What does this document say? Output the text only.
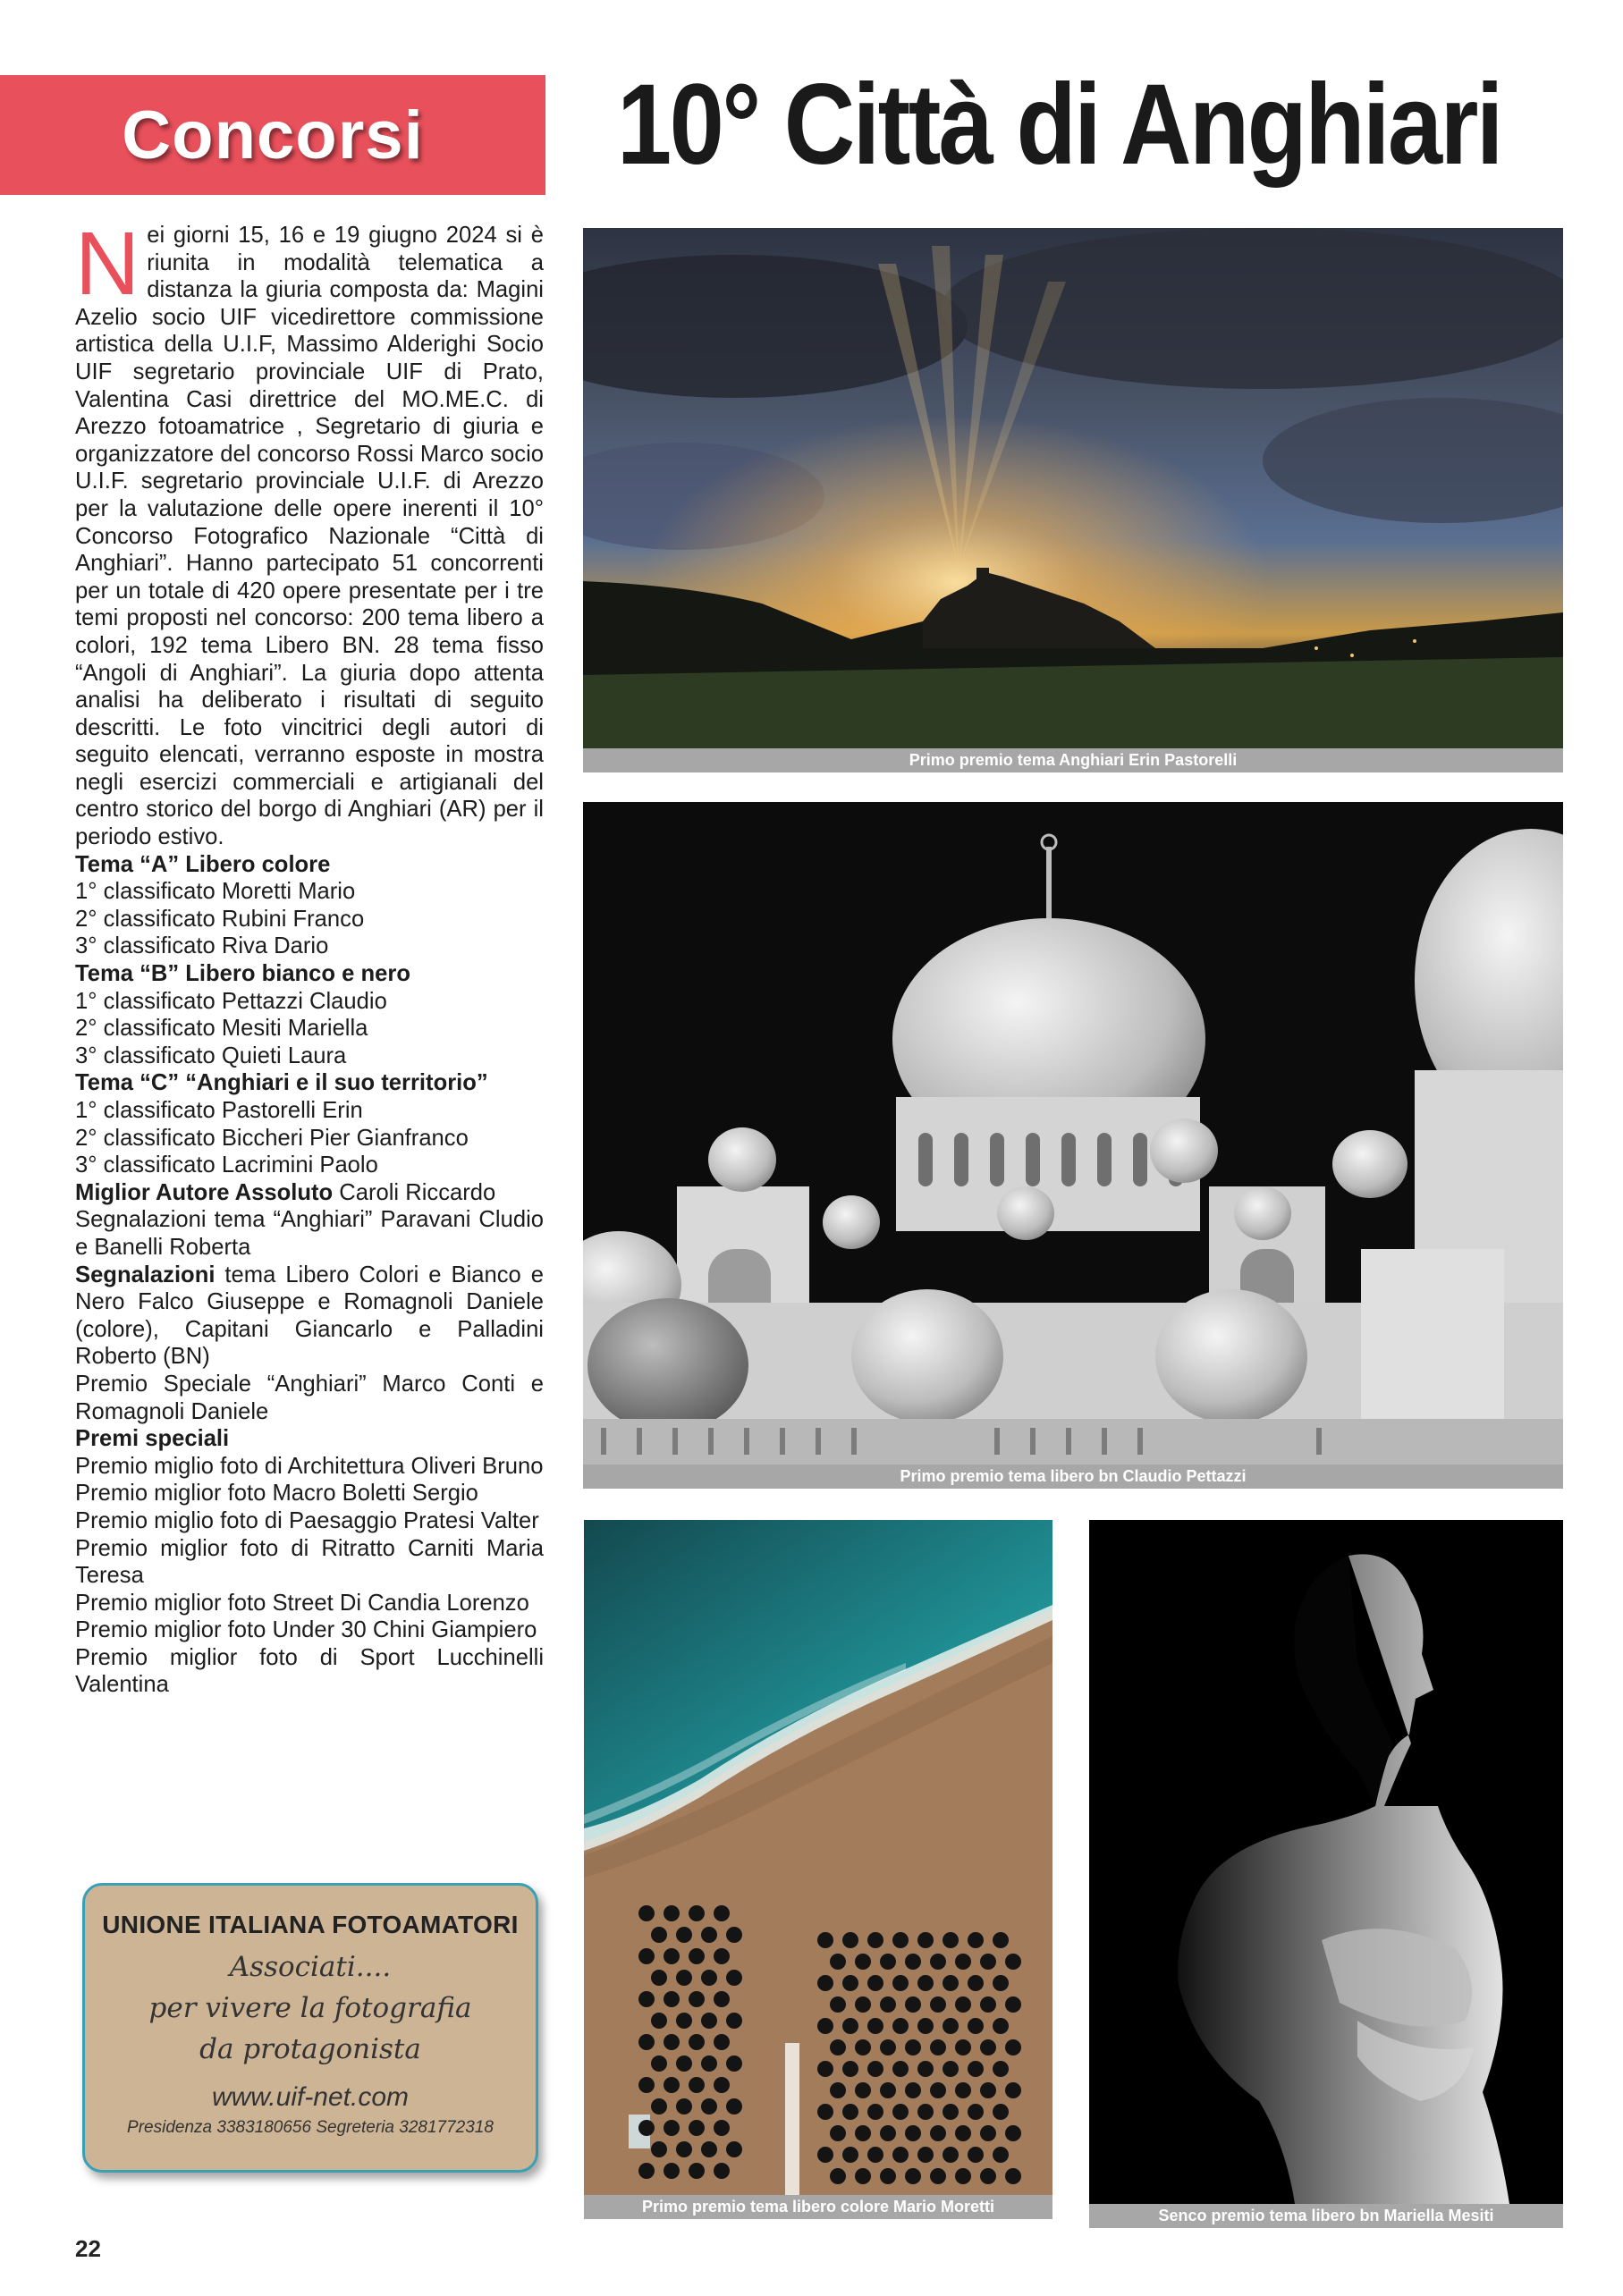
Concorsi 10° Città di Anghiari

Nei giorni 15, 16 e 19 giugno 2024 si è riunita in modalità telematica a distanza la giuria composta da: Magini Azelio socio UIF vicedirettore commissione artistica della U.I.F, Massimo Alderighi Socio UIF segretario provinciale UIF di Prato, Valentina Casi direttrice del MO.ME.C. di Arezzo fotoamatrice , Segretario di giuria e organizzatore del concorso Rossi Marco socio U.I.F. segretario provinciale U.I.F. di Arezzo per la valutazione delle opere inerenti il 10° Concorso Fotografico Nazionale “Città di Anghiari”. Hanno partecipato 51 concorrenti per un totale di 420 opere presentate per i tre temi proposti nel concorso: 200 tema libero a colori, 192 tema Libero BN. 28 tema fisso “Angoli di Anghiari”. La giuria dopo attenta analisi ha deliberato i risultati di seguito descritti. Le foto vincitrici degli autori di seguito elencati, verranno esposte in mostra negli esercizi commerciali e artigianali del centro storico del borgo di Anghiari (AR) per il periodo estivo.

Tema “A” Libero colore

1° classificato Moretti Mario

2° classificato Rubini Franco

3° classificato Riva Dario

Tema “B” Libero bianco e nero

1° classificato Pettazzi Claudio

2° classificato Mesiti Mariella

3° classificato Quieti Laura

Tema “C” “Anghiari e il suo territorio”

1° classificato Pastorelli Erin

2° classificato Biccheri Pier Gianfranco

3° classificato Lacrimini Paolo

Miglior Autore Assoluto Caroli Riccardo

Segnalazioni tema “Anghiari” Paravani Cludio e Banelli Roberta

Segnalazioni tema Libero Colori e Bianco e Nero Falco Giuseppe e Romagnoli Daniele (colore), Capitani Giancarlo e Palladini Roberto (BN)

Premio Speciale “Anghiari” Marco Conti e Romagnoli Daniele

Premi speciali

Premio miglio foto di Architettura Oliveri Bruno

Premio miglior foto Macro Boletti Sergio

Premio miglio foto di Paesaggio Pratesi Valter

Premio miglior foto di Ritratto Carniti Maria Teresa

Premio miglior foto Street Di Candia Lorenzo

Premio miglior foto Under 30 Chini Giampiero

Premio miglior foto di Sport Lucchinelli Valentina

UNIONE ITALIANA FOTOAMATORI
Associati....
per vivere la fotografia
da protagonista
www.uif-net.com
Presidenza 3383180656 Segreteria 3281772318
22
Primo premio tema Anghiari Erin Pastorelli
Primo premio tema libero bn Claudio Pettazzi
Primo premio tema libero colore Mario Moretti	Senco premio tema libero bn Mariella Mesiti
